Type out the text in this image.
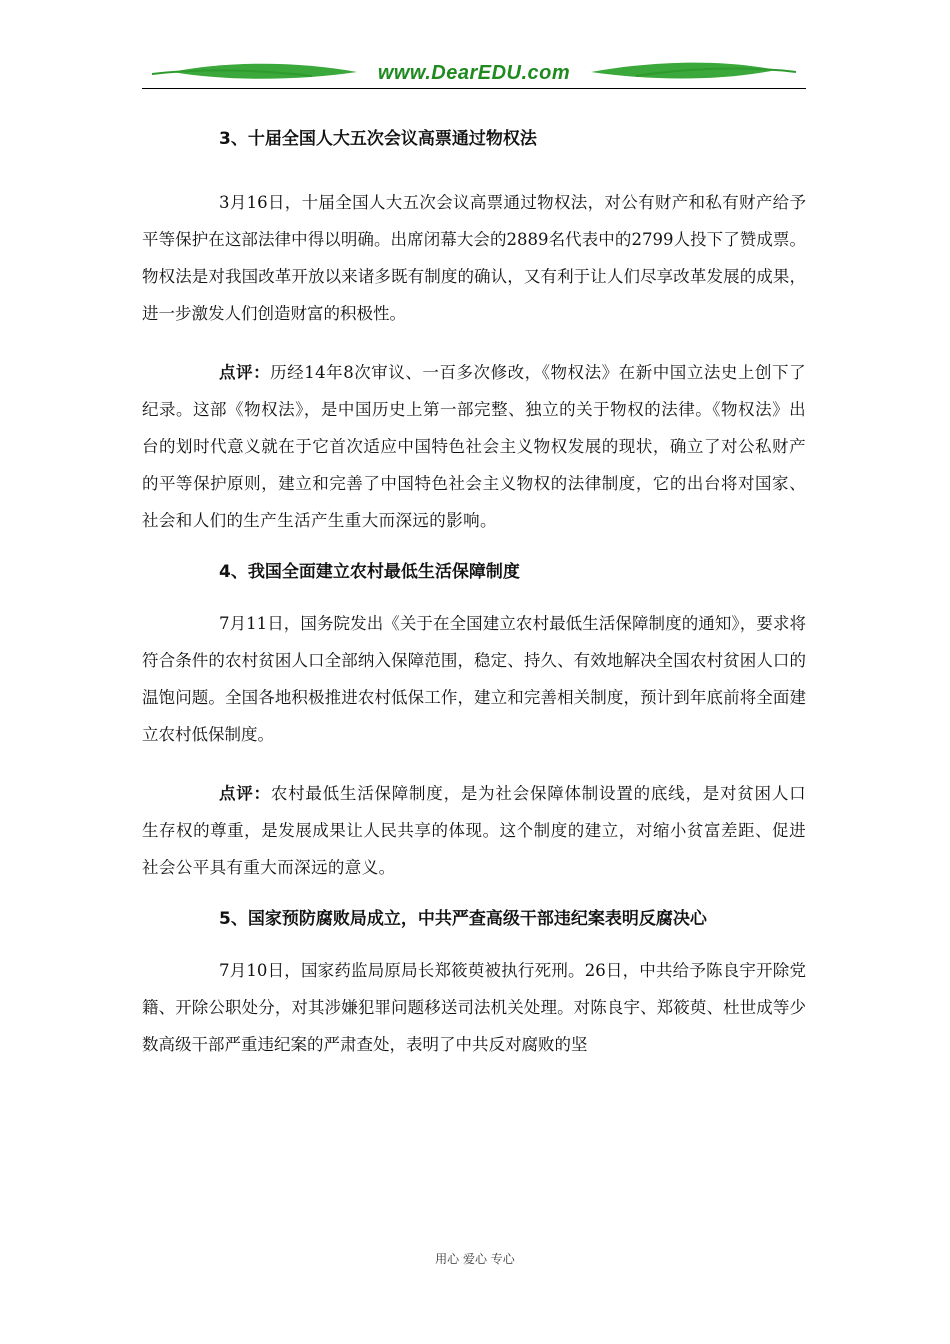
www.DearEDU.com
3、十届全国人大五次会议高票通过物权法

3月16日，十届全国人大五次会议高票通过物权法，对公有财产和私有财产给予平等保护在这部法律中得以明确。出席闭幕大会的2889名代表中的2799人投下了赞成票。物权法是对我国改革开放以来诸多既有制度的确认，又有利于让人们尽享改革发展的成果，进一步激发人们创造财富的积极性。

点评：历经14年8次审议、一百多次修改，《物权法》在新中国立法史上创下了纪录。这部《物权法》，是中国历史上第一部完整、独立的关于物权的法律。《物权法》出台的划时代意义就在于它首次适应中国特色社会主义物权发展的现状，确立了对公私财产的平等保护原则，建立和完善了中国特色社会主义物权的法律制度，它的出台将对国家、社会和人们的生产生活产生重大而深远的影响。

4、我国全面建立农村最低生活保障制度

7月11日，国务院发出《关于在全国建立农村最低生活保障制度的通知》，要求将符合条件的农村贫困人口全部纳入保障范围，稳定、持久、有效地解决全国农村贫困人口的温饱问题。全国各地积极推进农村低保工作，建立和完善相关制度，预计到年底前将全面建立农村低保制度。

点评：农村最低生活保障制度，是为社会保障体制设置的底线，是对贫困人口生存权的尊重，是发展成果让人民共享的体现。这个制度的建立，对缩小贫富差距、促进社会公平具有重大而深远的意义。

5、国家预防腐败局成立，中共严查高级干部违纪案表明反腐决心

7月10日，国家药监局原局长郑筱萸被执行死刑。26日，中共给予陈良宇开除党籍、开除公职处分，对其涉嫌犯罪问题移送司法机关处理。对陈良宇、郑筱萸、杜世成等少数高级干部严重违纪案的严肃查处，表明了中共反对腐败的坚

用心 爱心 专心
